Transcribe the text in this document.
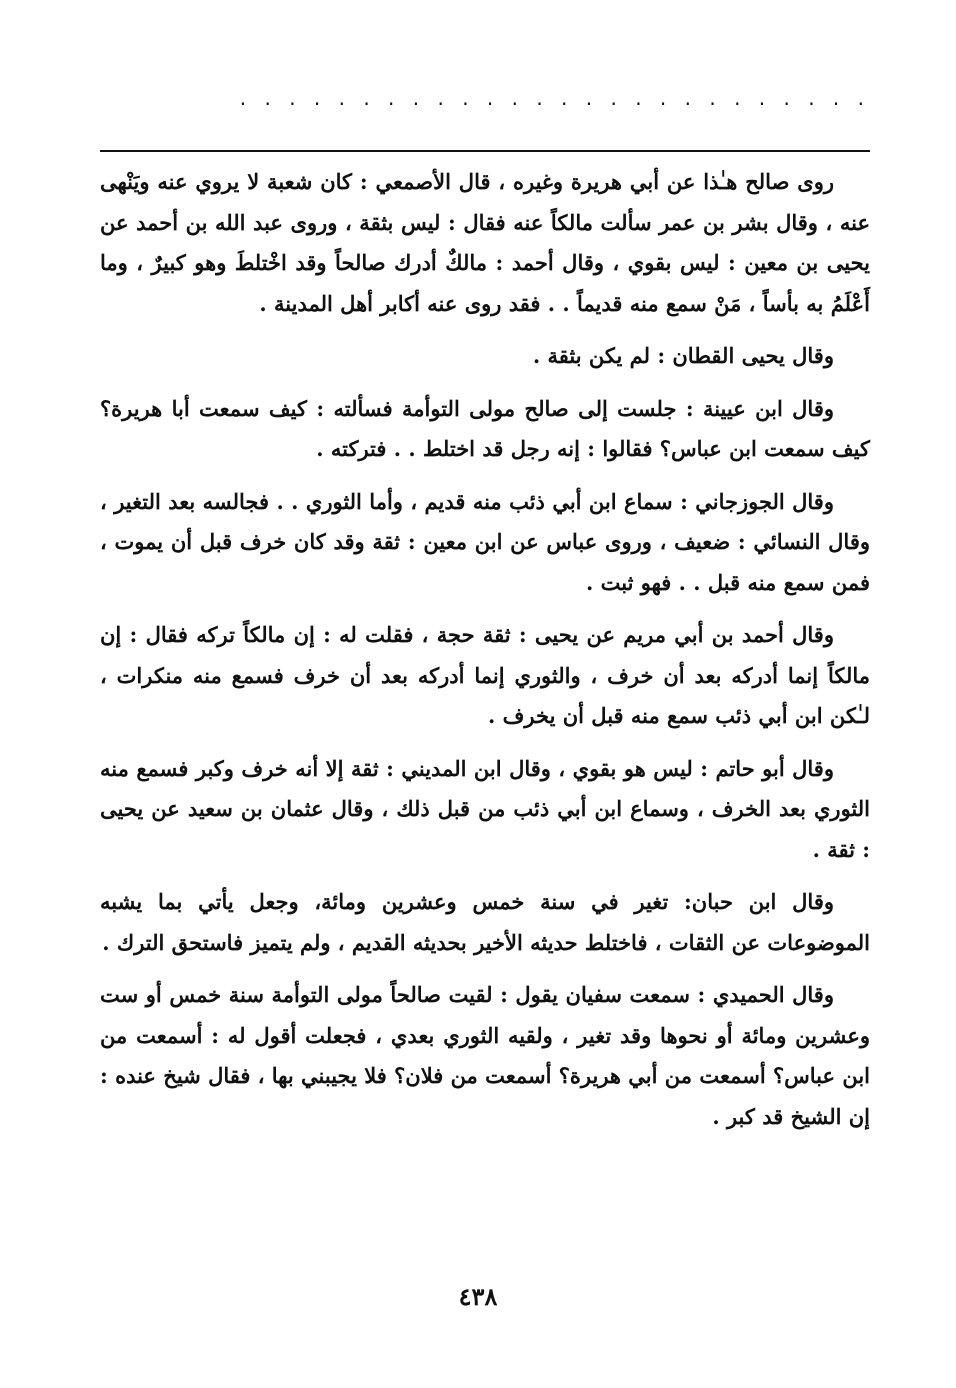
· · · · · · · · · · · · · · · · · · · · · · · · · ·

روى صالح هـٰذا عن أبي هريرة وغيره ، قال الأصمعي : كان شعبة لا يروي عنه ويَنْهى عنه ، وقال بشر بن عمر سألت مالكاً عنه فقال : ليس بثقة ، وروى عبد الله بن أحمد عن يحيى بن معين : ليس بقوي ، وقال أحمد : مالكٌ أدرك صالحاً وقد اخْتلطَ وهو كبيرٌ ، وما أَعْلَمُ به بأساً ، مَنْ سمع منه قديماً . . فقد روى عنه أكابر أهل المدينة .

وقال يحيى القطان : لم يكن بثقة .

وقال ابن عيينة : جلست إلى صالح مولى التوأمة فسألته : كيف سمعت أبا هريرة؟ كيف سمعت ابن عباس؟ فقالوا : إنه رجل قد اختلط . . فتركته .

وقال الجوزجاني : سماع ابن أبي ذئب منه قديم ، وأما الثوري . . فجالسه بعد التغير ، وقال النسائي : ضعيف ، وروى عباس عن ابن معين : ثقة وقد كان خرف قبل أن يموت ، فمن سمع منه قبل . . فهو ثبت .

وقال أحمد بن أبي مريم عن يحيى : ثقة حجة ، فقلت له : إن مالكاً تركه فقال : إن مالكاً إنما أدركه بعد أن خرف ، والثوري إنما أدركه بعد أن خرف فسمع منه منكرات ، لـٰكن ابن أبي ذئب سمع منه قبل أن يخرف .

وقال أبو حاتم : ليس هو بقوي ، وقال ابن المديني : ثقة إلا أنه خرف وكبر فسمع منه الثوري بعد الخرف ، وسماع ابن أبي ذئب من قبل ذلك ، وقال عثمان بن سعيد عن يحيى : ثقة .

وقال ابن حبان: تغير في سنة خمس وعشرين ومائة، وجعل يأتي بما يشبه الموضوعات عن الثقات ، فاختلط حديثه الأخير بحديثه القديم ، ولم يتميز فاستحق الترك .

وقال الحميدي : سمعت سفيان يقول : لقيت صالحاً مولى التوأمة سنة خمس أو ست وعشرين ومائة أو نحوها وقد تغير ، ولقيه الثوري بعدي ، فجعلت أقول له : أسمعت من ابن عباس؟ أسمعت من أبي هريرة؟ أسمعت من فلان؟ فلا يجيبني بها ، فقال شيخ عنده : إن الشيخ قد كبر .

٤٣٨
